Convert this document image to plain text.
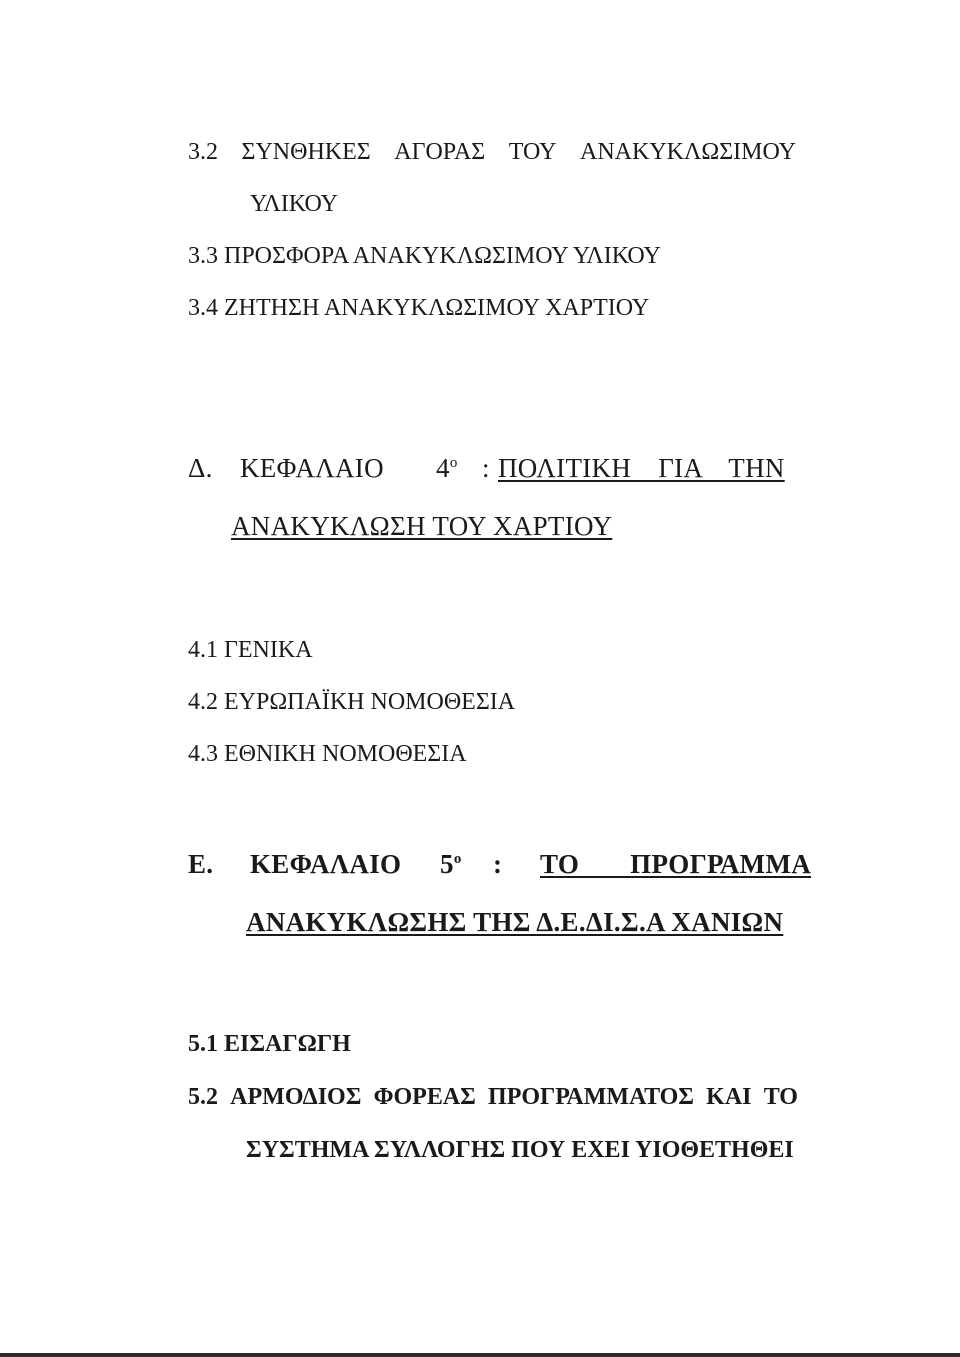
3.2 ΣΥΝΘΗΚΕΣ ΑΓΟΡΑΣ ΤΟΥ ΑΝΑΚΥΚΛΩΣΙΜΟΥ
ΥΛΙΚΟΥ
3.3 ΠΡΟΣΦΟΡΑ ΑΝΑΚΥΚΛΩΣΙΜΟΥ ΥΛΙΚΟΥ
3.4 ΖΗΤΗΣΗ ΑΝΑΚΥΚΛΩΣΙΜΟΥ ΧΑΡΤΙΟΥ
Δ. ΚΕΦΑΛΑΙΟ $4^o$ : ΠΟΛΙΤΙΚΗ ΓΙΑ ΤΗΝ
ΑΝΑΚΥΚΛΩΣΗ ΤΟΥ ΧΑΡΤΙΟΥ
4.1 ΓΕΝΙΚΑ
4.2 ΕΥΡΩΠΑΪΚΗ ΝΟΜΟΘΕΣΙΑ
4.3 ΕΘΝΙΚΗ ΝΟΜΟΘΕΣΙΑ
Ε. ΚΕΦΑΛΑΙΟ $5^o$ : ΤΟ ΠΡΟΓΡΑΜΜΑ
ΑΝΑΚΥΚΛΩΣΗΣ ΤΗΣ Δ.Ε.ΔΙ.Σ.Α ΧΑΝΙΩΝ
5.1 ΕΙΣΑΓΩΓΗ
5.2 ΑΡΜΟΔΙΟΣ ΦΟΡΕΑΣ ΠΡΟΓΡΑΜΜΑΤΟΣ ΚΑΙ ΤΟ
ΣΥΣΤΗΜΑ ΣΥΛΛΟΓΗΣ ΠΟΥ ΕΧΕΙ ΥΙΟΘΕΤΗΘΕΙ
